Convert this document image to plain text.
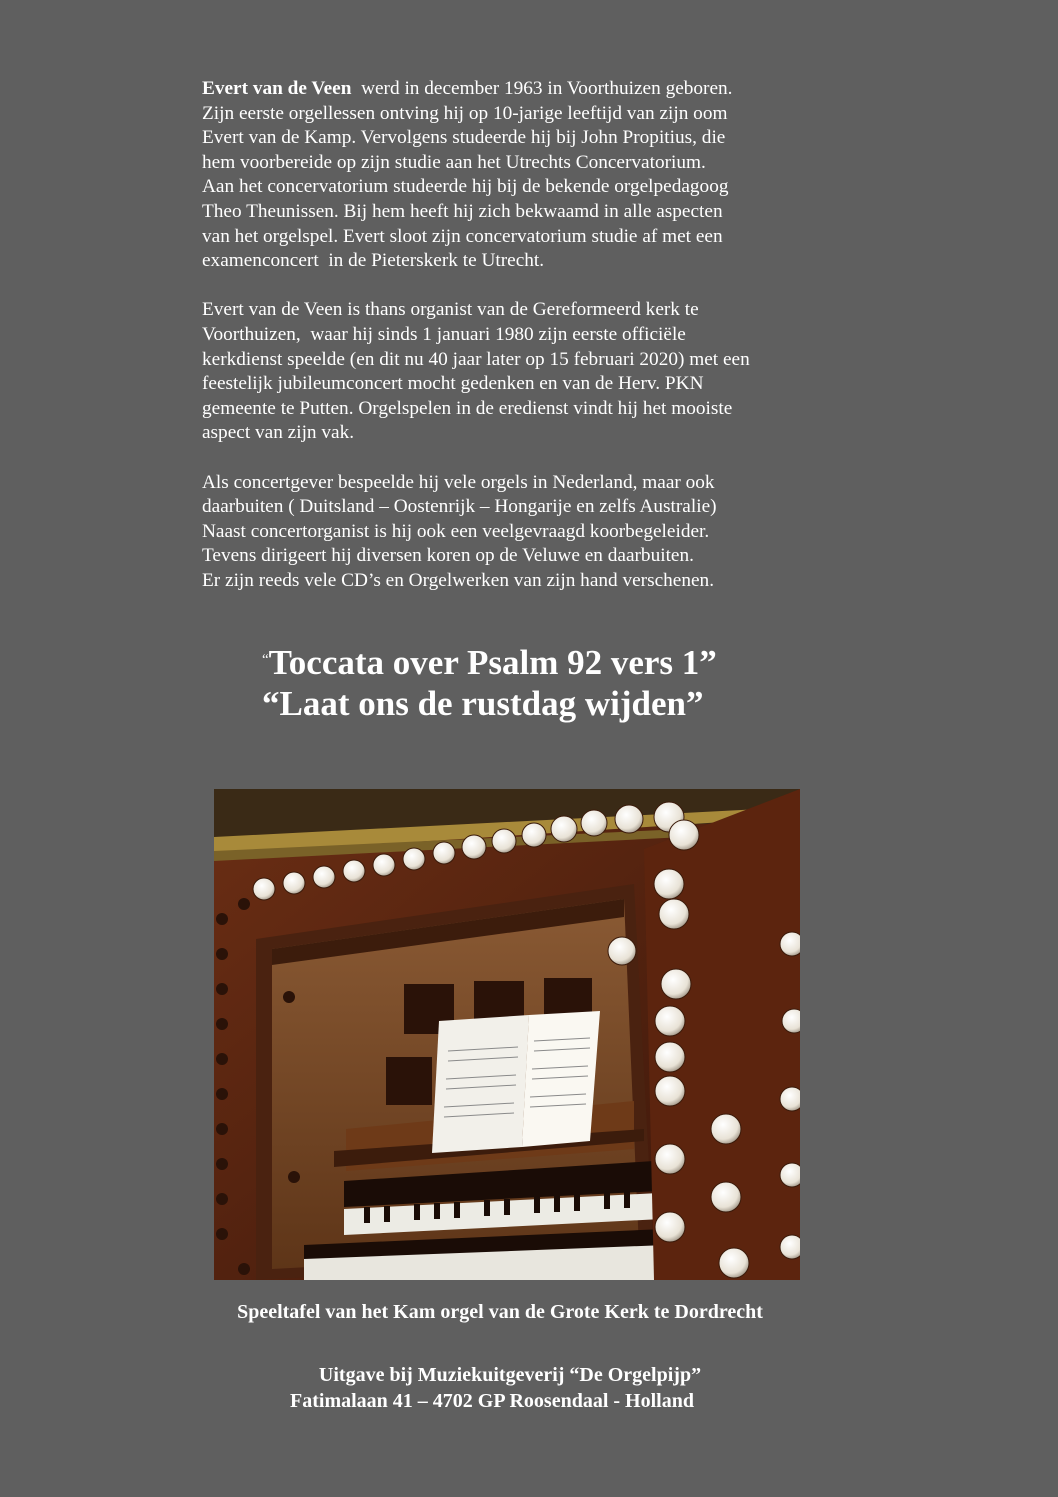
Evert van de Veen  werd in december 1963 in Voorthuizen geboren.
Zijn eerste orgellessen ontving hij op 10-jarige leeftijd van zijn oom
Evert van de Kamp. Vervolgens studeerde hij bij John Propitius, die
hem voorbereide op zijn studie aan het Utrechts Concervatorium.
Aan het concervatorium studeerde hij bij de bekende orgelpedagoog
Theo Theunissen. Bij hem heeft hij zich bekwaamd in alle aspecten
van het orgelspel. Evert sloot zijn concervatorium studie af met een
examenconcert  in de Pieterskerk te Utrecht.

Evert van de Veen is thans organist van de Gereformeerd kerk te
Voorthuizen,  waar hij sinds 1 januari 1980 zijn eerste officiële
kerkdienst speelde (en dit nu 40 jaar later op 15 februari 2020) met een
feestelijk jubileumconcert mocht gedenken en van de Herv. PKN
gemeente te Putten. Orgelspelen in de eredienst vindt hij het mooiste
aspect van zijn vak.

Als concertgever bespeelde hij vele orgels in Nederland, maar ook
daarbuiten ( Duitsland – Oostenrijk – Hongarije en zelfs Australie)
Naast concertorganist is hij ook een veelgevraagd koorbegeleider.
Tevens dirigeert hij diversen koren op de Veluwe en daarbuiten.
Er zijn reeds vele CD’s en Orgelwerken van zijn hand verschenen.

“Toccata over Psalm 92 vers 1”
“Laat ons de rustdag wijden”
Speeltafel van het Kam orgel van de Grote Kerk te Dordrecht
Uitgave bij Muziekuitgeverij “De Orgelpijp”
Fatimalaan 41 – 4702 GP Roosendaal - Holland
